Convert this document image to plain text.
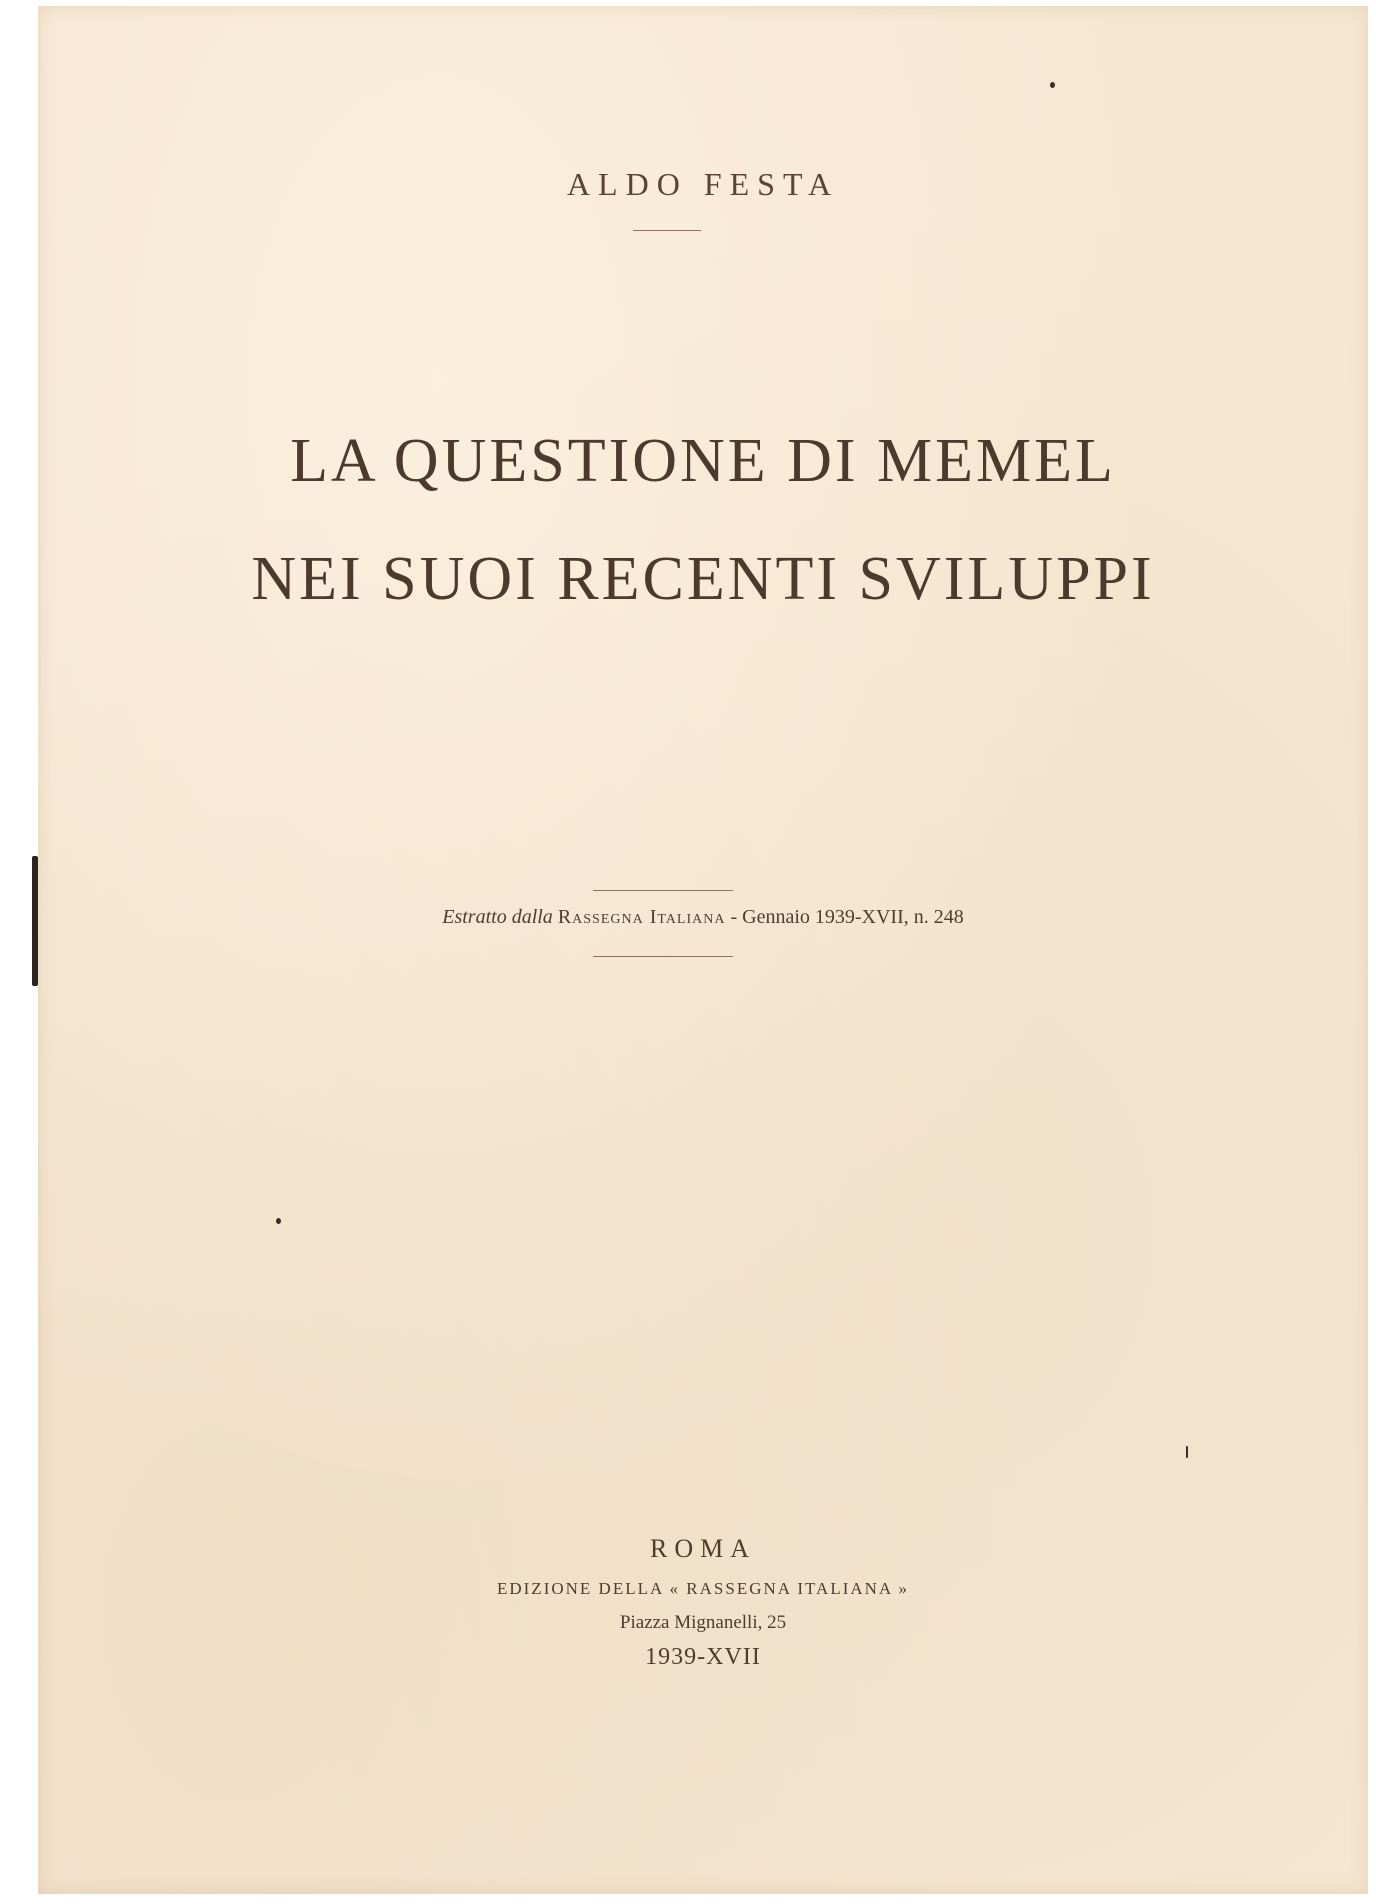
ALDO FESTA
LA QUESTIONE DI MEMEL
NEI SUOI RECENTI SVILUPPI
Estratto dalla Rassegna Italiana - Gennaio 1939-XVII, n. 248
ROMA
EDIZIONE DELLA « RASSEGNA ITALIANA »
Piazza Mignanelli, 25
1939-XVII
